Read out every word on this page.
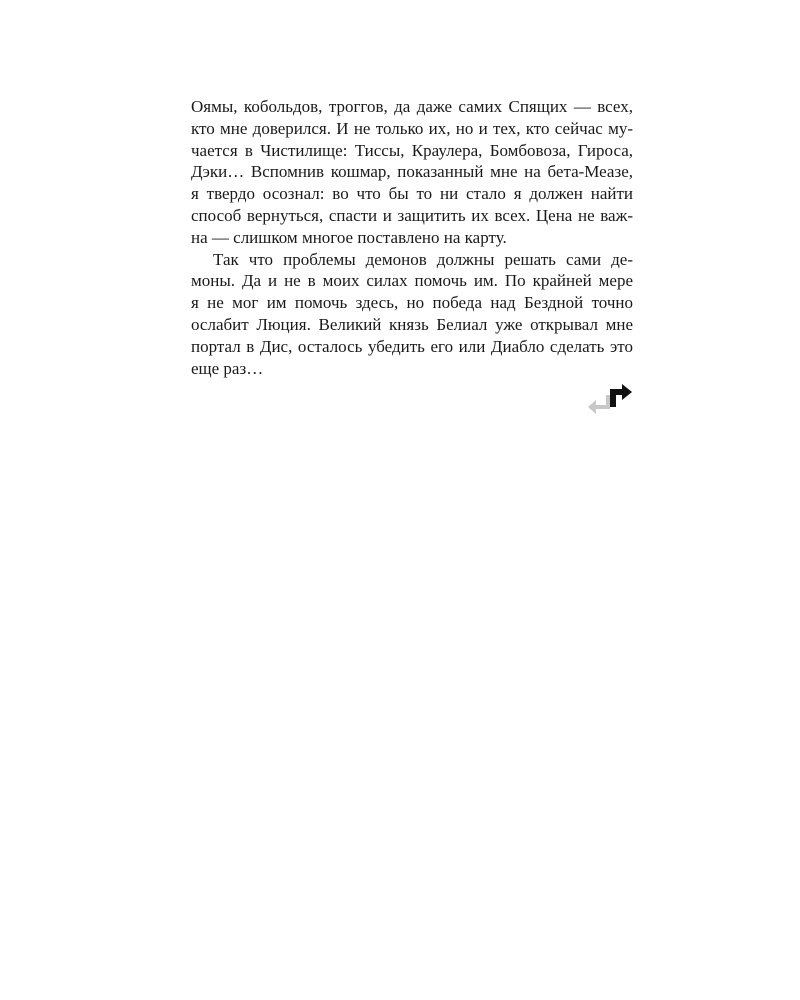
Оямы, кобольдов, троггов, да даже самих Спящих — всех,
кто мне доверился. И не только их, но и тех, кто сейчас му-
чается в Чистилище: Тиссы, Краулера, Бомбовоза, Гироса,
Дэки… Вспомнив кошмар, показанный мне на бета-Меазе,
я твердо осознал: во что бы то ни стало я должен найти
способ вернуться, спасти и защитить их всех. Цена не важ-
на — слишком многое поставлено на карту.
Так что проблемы демонов должны решать сами де-
моны. Да и не в моих силах помочь им. По крайней мере
я не мог им помочь здесь, но победа над Бездной точно
ослабит Люция. Великий князь Белиал уже открывал мне
портал в Дис, осталось убедить его или Диабло сделать это
еще раз…
